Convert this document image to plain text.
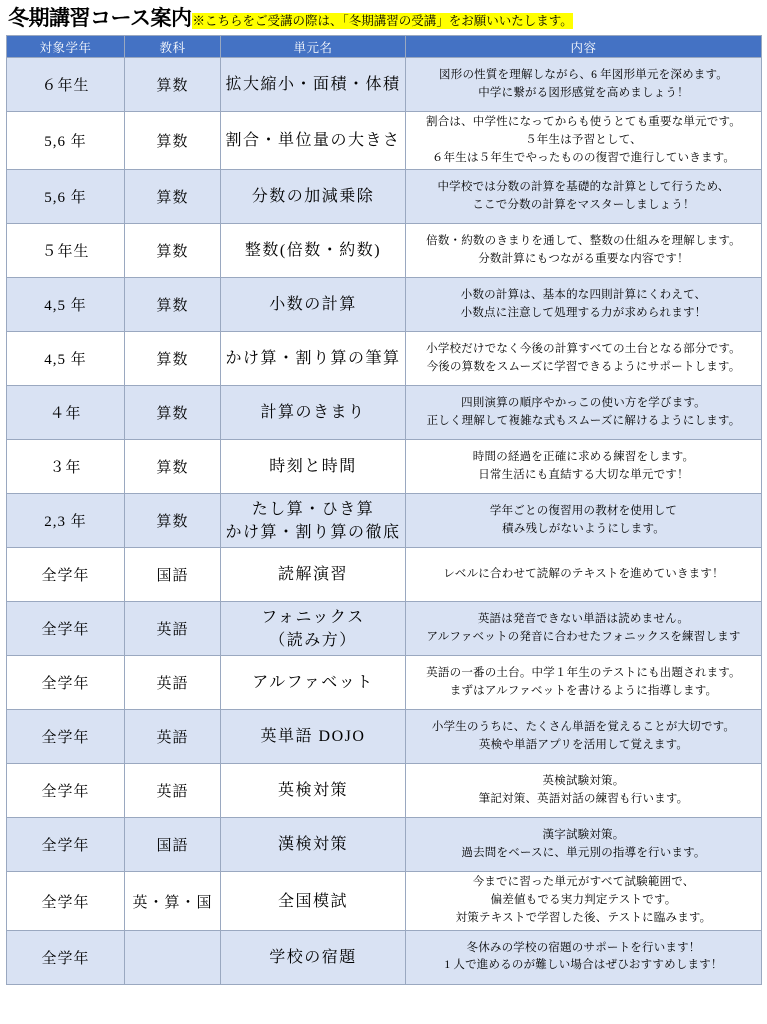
冬期講習コース案内 ※こちらをご受講の際は、「冬期講習の受講」をお願いいたします。
対象学年	教科	単元名	内容
６年生	算数	拡大縮小・面積・体積	図形の性質を理解しながら、6 年図形単元を深めます。
中学に繋がる図形感覚を高めましょう！

5,6 年	算数	割合・単位量の大きさ	割合は、中学性になってからも使うとても重要な単元です。
５年生は予習として、
６年生は５年生でやったものの復習で進行していきます。

5,6 年	算数	分数の加減乗除	中学校では分数の計算を基礎的な計算として行うため、
ここで分数の計算をマスターしましょう！

５年生	算数	整数(倍数・約数)	倍数・約数のきまりを通して、整数の仕組みを理解します。
分数計算にもつながる重要な内容です！

4,5 年	算数	小数の計算	小数の計算は、基本的な四則計算にくわえて、
小数点に注意して処理する力が求められます！

4,5 年	算数	かけ算・割り算の筆算	小学校だけでなく今後の計算すべての土台となる部分です。
今後の算数をスムーズに学習できるようにサポートします。

４年	算数	計算のきまり	四則演算の順序やかっこの使い方を学びます。
正しく理解して複雑な式もスムーズに解けるようにします。

３年	算数	時刻と時間	時間の経過を正確に求める練習をします。
日常生活にも直結する大切な単元です！

2,3 年	算数	たし算・ひき算
かけ算・割り算の徹底	学年ごとの復習用の教材を使用して
積み残しがないようにします。

全学年	国語	読解演習	レベルに合わせて読解のテキストを進めていきます！

全学年	英語	フォニックス
（読み方）	英語は発音できない単語は読めません。
アルファベットの発音に合わせたフォニックスを練習します

全学年	英語	アルファベット	英語の一番の土台。中学１年生のテストにも出題されます。
まずはアルファベットを書けるように指導します。

全学年	英語	英単語 DOJO	小学生のうちに、たくさん単語を覚えることが大切です。
英検や単語アプリを活用して覚えます。

全学年	英語	英検対策	英検試験対策。
筆記対策、英語対話の練習も行います。

全学年	国語	漢検対策	漢字試験対策。
過去問をベースに、単元別の指導を行います。

全学年	英・算・国	全国模試	今までに習った単元がすべて試験範囲で、
偏差値もでる実力判定テストです。
対策テキストで学習した後、テストに臨みます。

全学年		学校の宿題	冬休みの学校の宿題のサポートを行います！
1 人で進めるのが難しい場合はぜひおすすめします！
